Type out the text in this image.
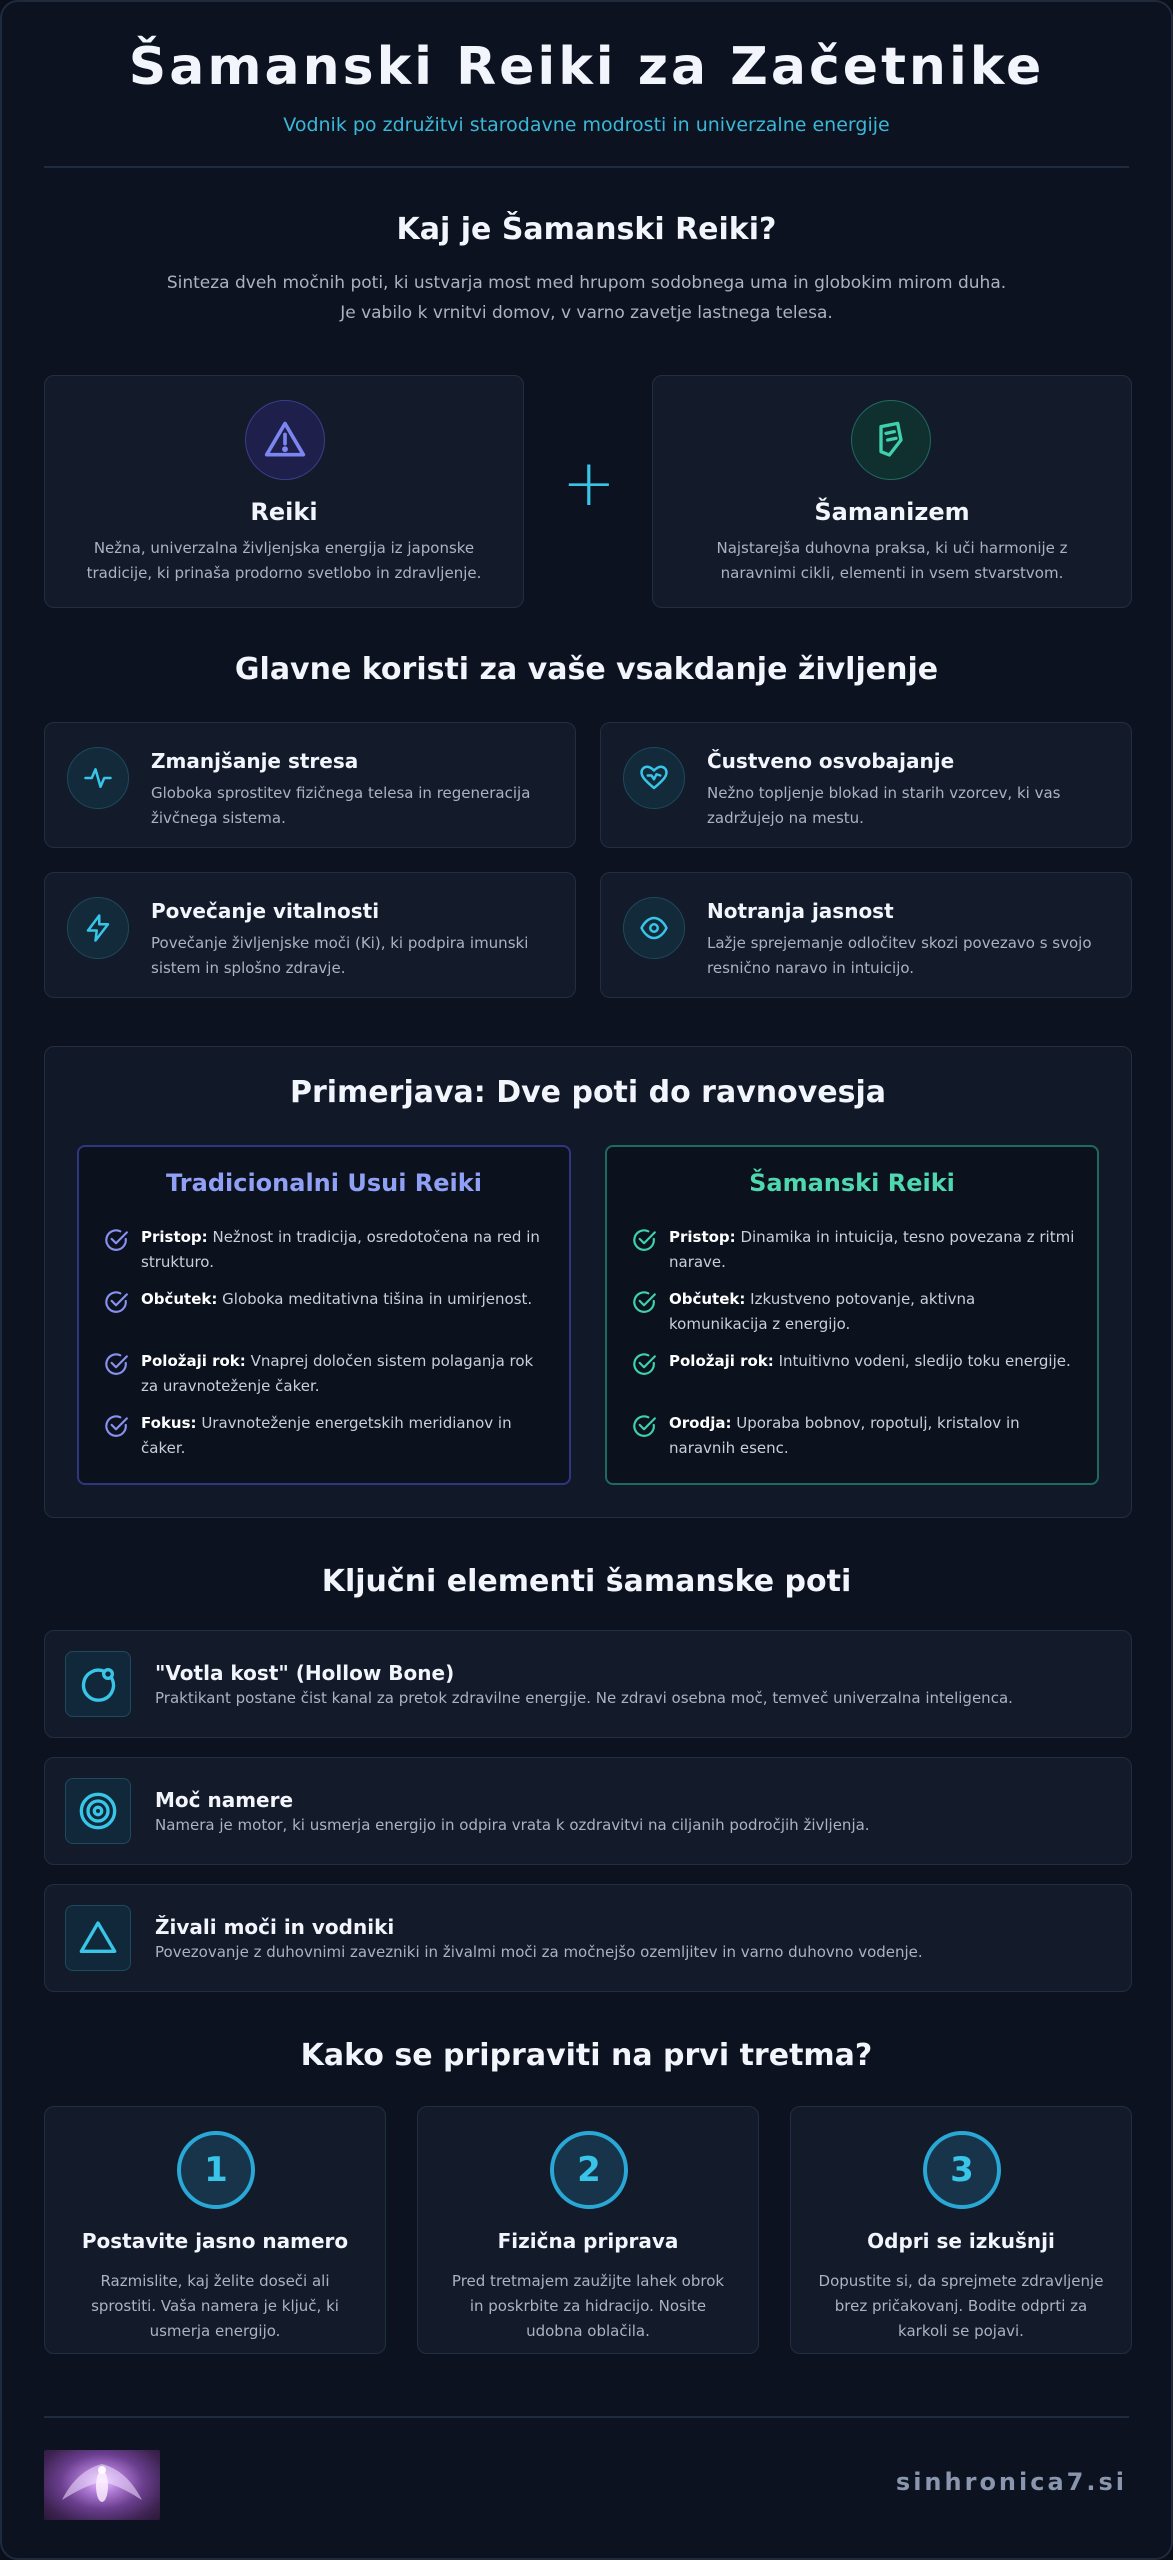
Šamanski Reiki za Začetnike
Vodnik po združitvi starodavne modrosti in univerzalne energije
Kaj je Šamanski Reiki?
Sinteza dveh močnih poti, ki ustvarja most med hrupom sodobnega uma in globokim mirom duha.
Je vabilo k vrnitvi domov, v varno zavetje lastnega telesa.
Reiki
Nežna, univerzalna življenjska energija iz japonske tradicije, ki prinaša prodorno svetlobo in zdravljenje.
+	Šamanizem
Najstarejša duhovna praksa, ki uči harmonije z naravnimi cikli, elementi in vsem stvarstvom.
Glavne koristi za vaše vsakdanje življenje
Zmanjšanje stresa
Globoka sprostitev fizičnega telesa in regeneracija živčnega sistema.
Čustveno osvobajanje
Nežno topljenje blokad in starih vzorcev, ki vas zadržujejo na mestu.
Povečanje vitalnosti
Povečanje življenjske moči (Ki), ki podpira imunski sistem in splošno zdravje.
Notranja jasnost
Lažje sprejemanje odločitev skozi povezavo s svojo resnično naravo in intuicijo.
Primerjava: Dve poti do ravnovesja
Tradicionalni Usui Reiki
Pristop: Nežnost in tradicija, osredotočena na red in strukturo.
Občutek: Globoka meditativna tišina in umirjenost.
Položaji rok: Vnaprej določen sistem polaganja rok za uravnoteženje čaker.
Fokus: Uravnoteženje energetskih meridianov in čaker.
Šamanski Reiki
Pristop: Dinamika in intuicija, tesno povezana z ritmi narave.
Občutek: Izkustveno potovanje, aktivna komunikacija z energijo.
Položaji rok: Intuitivno vodeni, sledijo toku energije.
Orodja: Uporaba bobnov, ropotulj, kristalov in naravnih esenc.
Ključni elementi šamanske poti
"Votla kost" (Hollow Bone)
Praktikant postane čist kanal za pretok zdravilne energije. Ne zdravi osebna moč, temveč univerzalna inteligenca.
Moč namere
Namera je motor, ki usmerja energijo in odpira vrata k ozdravitvi na ciljanih področjih življenja.
Živali moči in vodniki
Povezovanje z duhovnimi zavezniki in živalmi moči za močnejšo ozemljitev in varno duhovno vodenje.
Kako se pripraviti na prvi tretma?
1
Postavite jasno namero
Razmislite, kaj želite doseči ali sprostiti. Vaša namera je ključ, ki usmerja energijo.
2
Fizična priprava
Pred tretmajem zaužijte lahek obrok in poskrbite za hidracijo. Nosite udobna oblačila.
3
Odpri se izkušnji
Dopustite si, da sprejmete zdravljenje brez pričakovanj. Bodite odprti za karkoli se pojavi.
sinhronica7.si
